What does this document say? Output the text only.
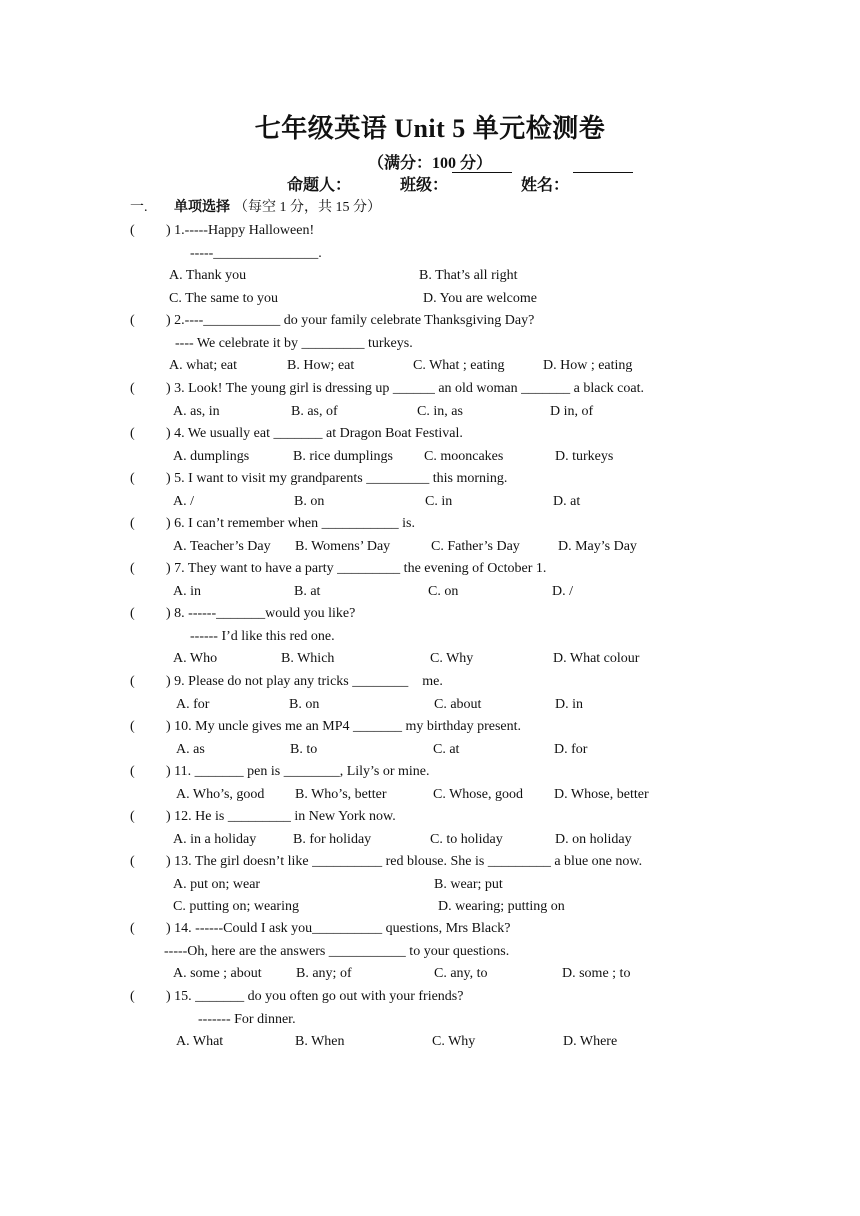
七年级英语 Unit 5 单元检测卷
（满分：100 分）
命题人：	班级：	姓名：
一. 单项选择 （每空 1 分，共 15 分）
( ) 1.-----Happy Halloween!
-----_______________.
A. Thank you	B. That’s all right
C. The same to you	D. You are welcome
( ) 2.----___________ do your family celebrate Thanksgiving Day?
---- We celebrate it by _________ turkeys.
A. what; eat	B. How; eat	C. What ; eating	D. How ; eating
( ) 3. Look! The young girl is dressing up ______ an old woman _______ a black coat.
A. as, in	B. as, of	C. in, as	D in, of
( ) 4. We usually eat _______ at Dragon Boat Festival.
A. dumplings	B. rice dumplings C. mooncakes	D. turkeys
( ) 5. I want to visit my grandparents _________ this morning.
A. /	B. on	C. in	D. at
( ) 6. I can’t remember when ___________ is.
A. Teacher’s Day B. Womens’ Day	C. Father’s Day	D. May’s Day
( ) 7. They want to have a party _________ the evening of October 1.
A. in	B. at	C. on	D. /
( ) 8. ------_______would you like?
------ I’d like this red one.
A. Who	B. Which	C. Why	D. What colour
( ) 9. Please do not play any tricks ________    me.
A. for	B. on	C. about	D. in
( ) 10. My uncle gives me an MP4 _______ my birthday present.
A. as	B. to	C. at	D. for
( ) 11. _______ pen is ________, Lily’s or mine.
A. Who’s, good B. Who’s, better	C. Whose, good D. Whose, better
( ) 12. He is _________ in New York now.
A. in a holiday	B. for holiday	C. to holiday	D. on holiday
( ) 13. The girl doesn’t like __________ red blouse. She is _________ a blue one now.
A. put on; wear	B. wear; put
C. putting on; wearing	D. wearing; putting on
( ) 14. ------Could I ask you__________ questions, Mrs Black?
-----Oh, here are the answers ___________ to your questions.
A. some ; about B. any; of	C. any, to	D. some ; to
( ) 15. _______ do you often go out with your friends?
------- For dinner.
A. What	B. When	C. Why	D. Where
